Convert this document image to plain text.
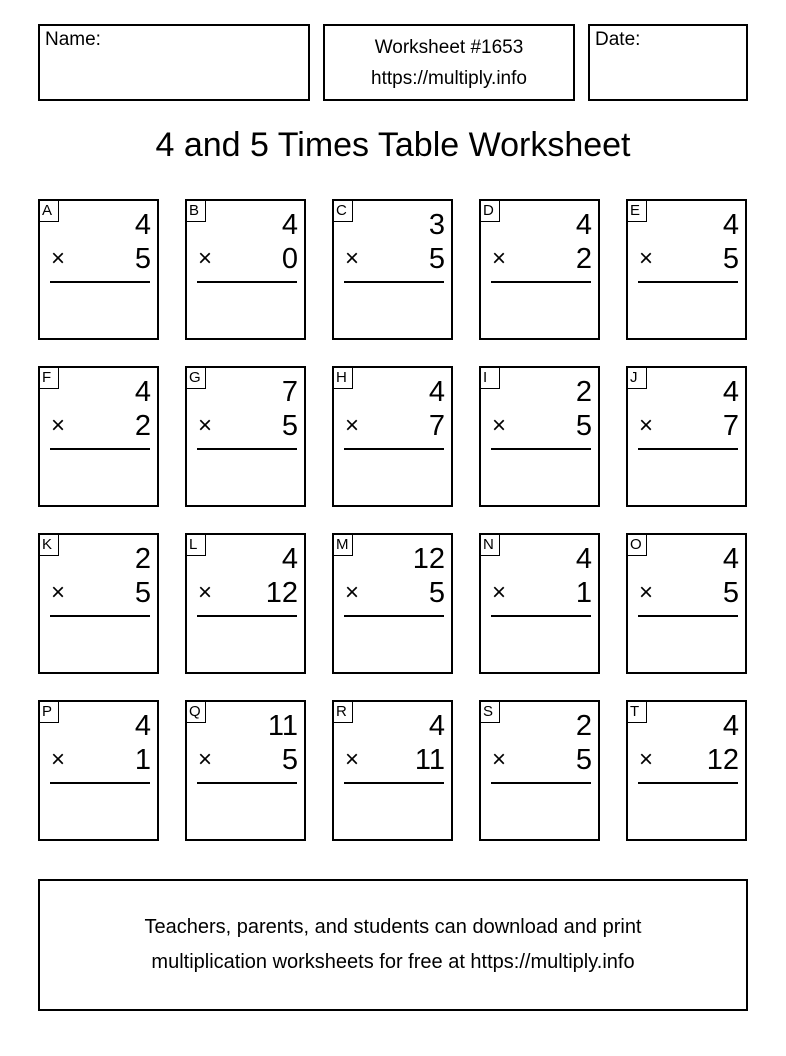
Name:	Worksheet #1653
https://multiply.info
Date:
4 and 5 Times Table Worksheet
A	4
× 5
B	4
× 0
C	3
× 5
D	4
× 2
E	4
× 5
F	4
× 2
G	7
× 5
H	4
× 7
I	2
× 5
J	4
× 7
K	2
× 5
L	4
× 12
M 12
× 5
N	4
× 1
O	4
× 5
P	4
× 1
Q 11
× 5
R	4
× 11
S	2
× 5
T	4
× 12
Teachers, parents, and students can download and print
multiplication worksheets for free at https://multiply.info
